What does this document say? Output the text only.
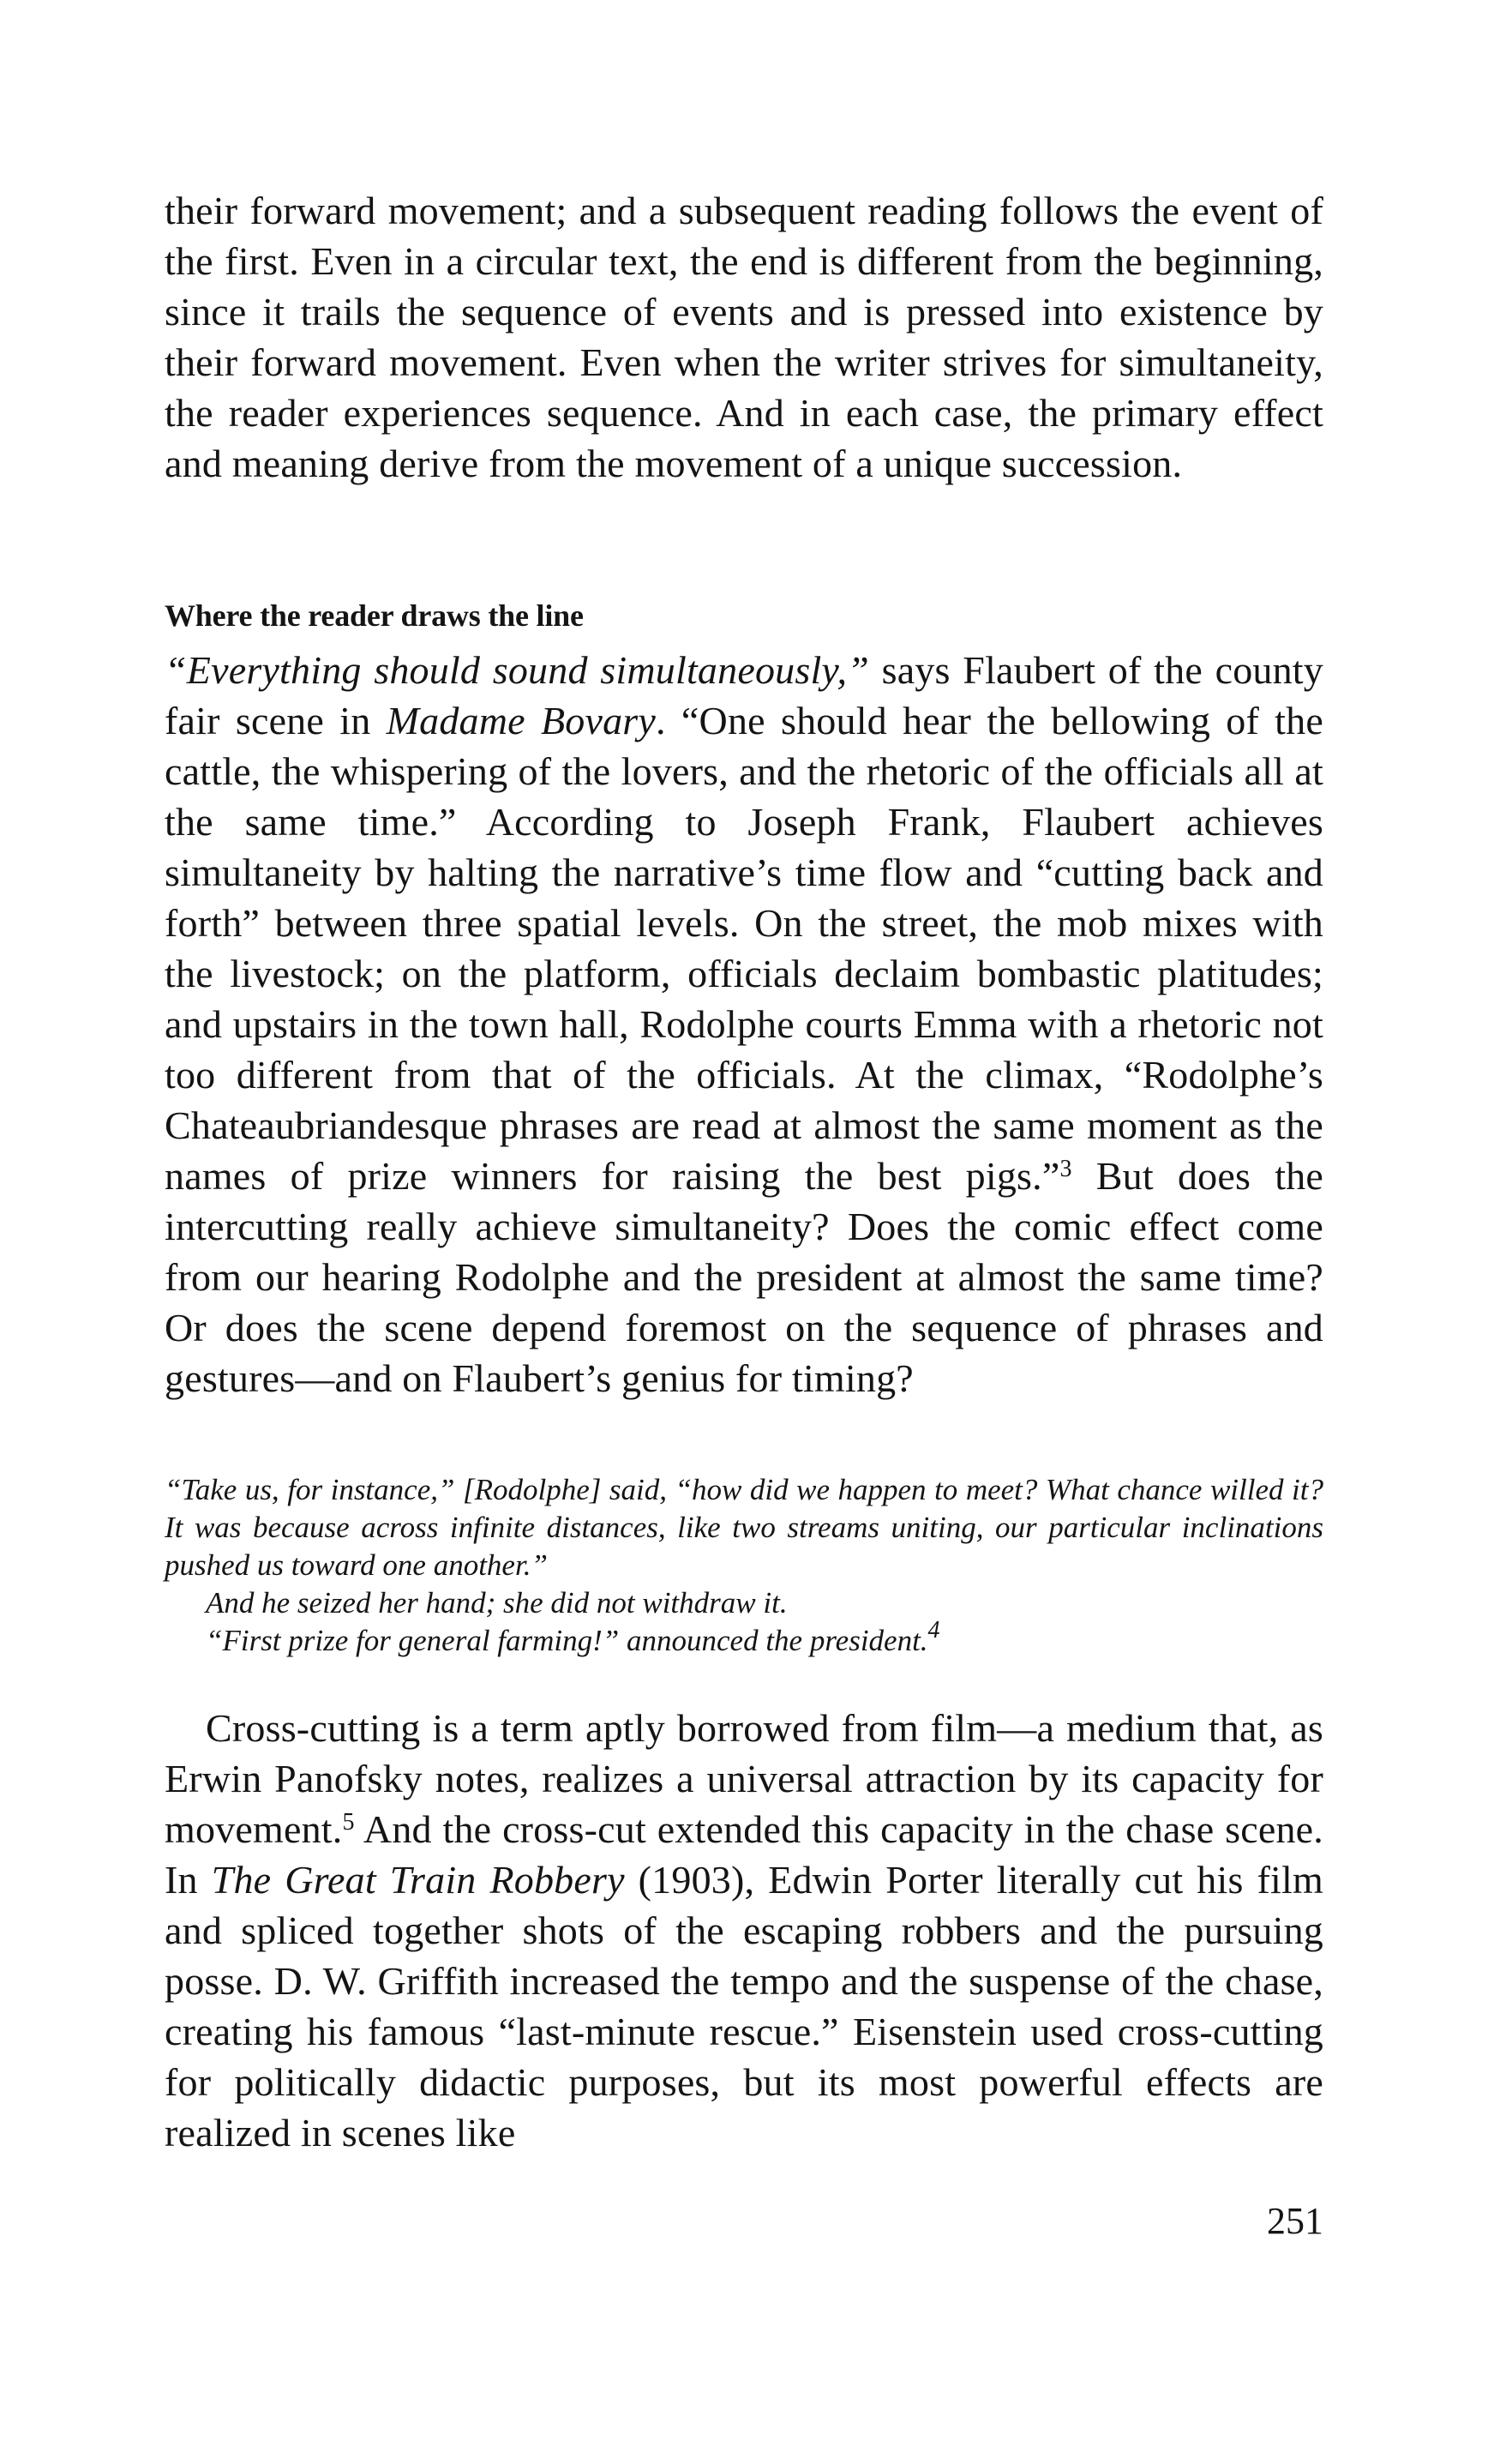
their forward movement; and a subsequent reading follows the event of the first. Even in a circular text, the end is different from the beginning, since it trails the sequence of events and is pressed into existence by their forward movement. Even when the writer strives for simultaneity, the reader experiences sequence. And in each case, the primary effect and meaning derive from the movement of a unique succession.

Where the reader draws the line

“Everything should sound simultaneously,” says Flaubert of the county fair scene in Madame Bovary. “One should hear the bellowing of the cattle, the whispering of the lovers, and the rhetoric of the officials all at the same time.” According to Joseph Frank, Flaubert achieves simultaneity by halting the narrative’s time flow and “cutting back and forth” between three spatial levels. On the street, the mob mixes with the livestock; on the platform, officials declaim bombastic platitudes; and upstairs in the town hall, Rodolphe courts Emma with a rhetoric not too different from that of the officials. At the climax, “Rodolphe’s Chateaubriandesque phrases are read at almost the same moment as the names of prize winners for raising the best pigs.”$^3$ But does the intercutting really achieve simultaneity? Does the comic effect come from our hearing Rodolphe and the president at almost the same time? Or does the scene depend foremost on the sequence of phrases and gestures—and on Flaubert’s genius for timing?

“Take us, for instance,” [Rodolphe] said, “how did we happen to meet? What chance willed it? It was because across infinite distances, like two streams uniting, our particular inclinations pushed us toward one another.”

And he seized her hand; she did not withdraw it.

“First prize for general farming!” announced the president.$^4$

Cross-cutting is a term aptly borrowed from film—a medium that, as Erwin Panofsky notes, realizes a universal attraction by its capacity for movement.$^5$ And the cross-cut extended this capacity in the chase scene. In The Great Train Robbery (1903), Edwin Porter literally cut his film and spliced together shots of the escaping robbers and the pursuing posse. D. W. Griffith increased the tempo and the suspense of the chase, creating his famous “last-minute rescue.” Eisenstein used cross-cutting for politically didactic purposes, but its most powerful effects are realized in scenes like

251
